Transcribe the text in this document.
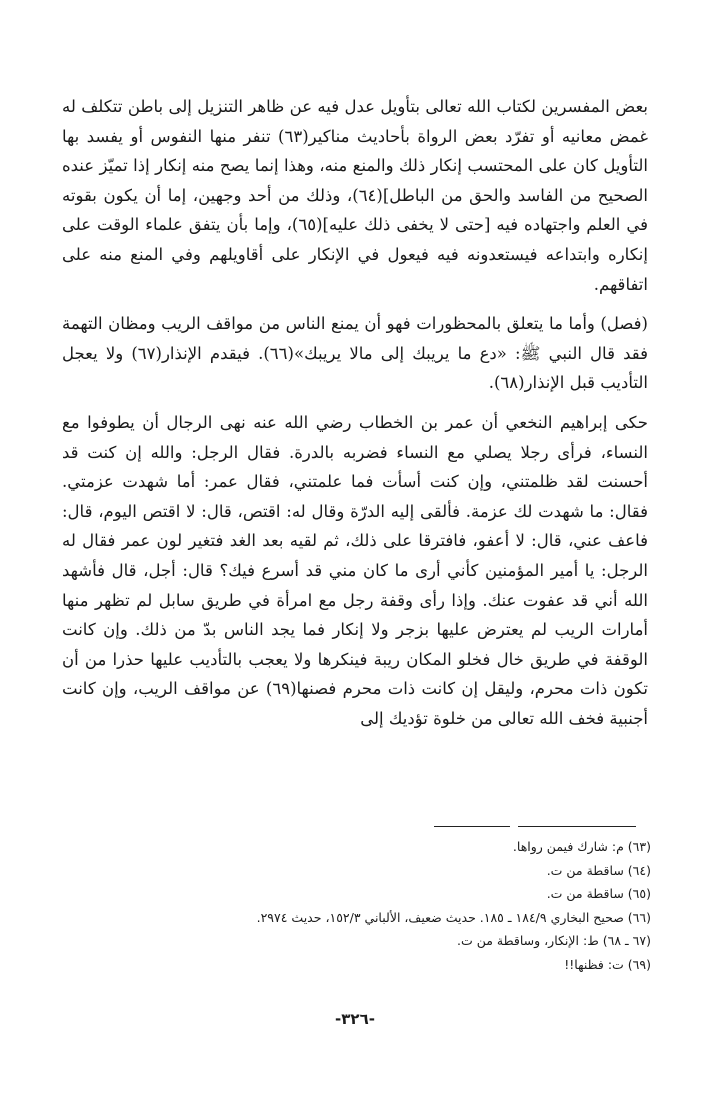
بعض المفسرين لكتاب الله تعالى بتأويل عدل فيه عن ظاهر التنزيل إلى باطن تتكلف له غمض معانيه أو تفرّد بعض الرواة بأحاديث مناكير(٦٣) تنفر منها النفوس أو يفسد بها التأويل كان على المحتسب إنكار ذلك والمنع منه، وهذا إنما يصح منه إنكار إذا تميّز عنده الصحيح من الفاسد والحق من الباطل](٦٤)، وذلك من أحد وجهين، إما أن يكون بقوته في العلم واجتهاده فيه [حتى لا يخفى ذلك عليه](٦٥)، وإما بأن يتفق علماء الوقت على إنكاره وابتداعه فيستعدونه فيه فيعول في الإنكار على أقاويلهم وفي المنع منه على اتفاقهم.

(فصل) وأما ما يتعلق بالمحظورات فهو أن يمنع الناس من مواقف الريب ومظان التهمة فقد قال النبي ﷺ: «دع ما يريبك إلى مالا يريبك»(٦٦). فيقدم الإنذار(٦٧) ولا يعجل التأديب قبل الإنذار(٦٨).

حكى إبراهيم النخعي أن عمر بن الخطاب رضي الله عنه نهى الرجال أن يطوفوا مع النساء، فرأى رجلا يصلي مع النساء فضربه بالدرة. فقال الرجل: والله إن كنت قد أحسنت لقد ظلمتني، وإن كنت أسأت فما علمتني، فقال عمر: أما شهدت عزمتي. فقال: ما شهدت لك عزمة. فألقى إليه الدرّة وقال له: اقتص، قال: لا اقتص اليوم، قال: فاعف عني، قال: لا أعفو، فافترقا على ذلك، ثم لقيه بعد الغد فتغير لون عمر فقال له الرجل: يا أمير المؤمنين كأني أرى ما كان مني قد أسرع فيك؟ قال: أجل، قال فأشهد الله أني قد عفوت عنك. وإذا رأى وقفة رجل مع امرأة في طريق سابل لم تظهر منها أمارات الريب لم يعترض عليها بزجر ولا إنكار فما يجد الناس بدّ من ذلك. وإن كانت الوقفة في طريق خال فخلو المكان ريبة فينكرها ولا يعجب بالتأديب عليها حذرا من أن تكون ذات محرم، وليقل إن كانت ذات محرم فصنها(٦٩) عن مواقف الريب، وإن كانت أجنبية فخف الله تعالى من خلوة تؤديك إلى

(٦٣) م: شارك فيمن رواها.

(٦٤) ساقطة من ت.

(٦٥) ساقطة من ت.

(٦٦) صحيح البخاري ١٨٤/٩ ـ ١٨٥. حديث ضعيف، الألباني ١٥٢/٣، حديث ٢٩٧٤.

(٦٧ ـ ٦٨) ط: الإنكار، وساقطة من ت.

(٦٩) ت: فظنها!!

-٣٢٦-
